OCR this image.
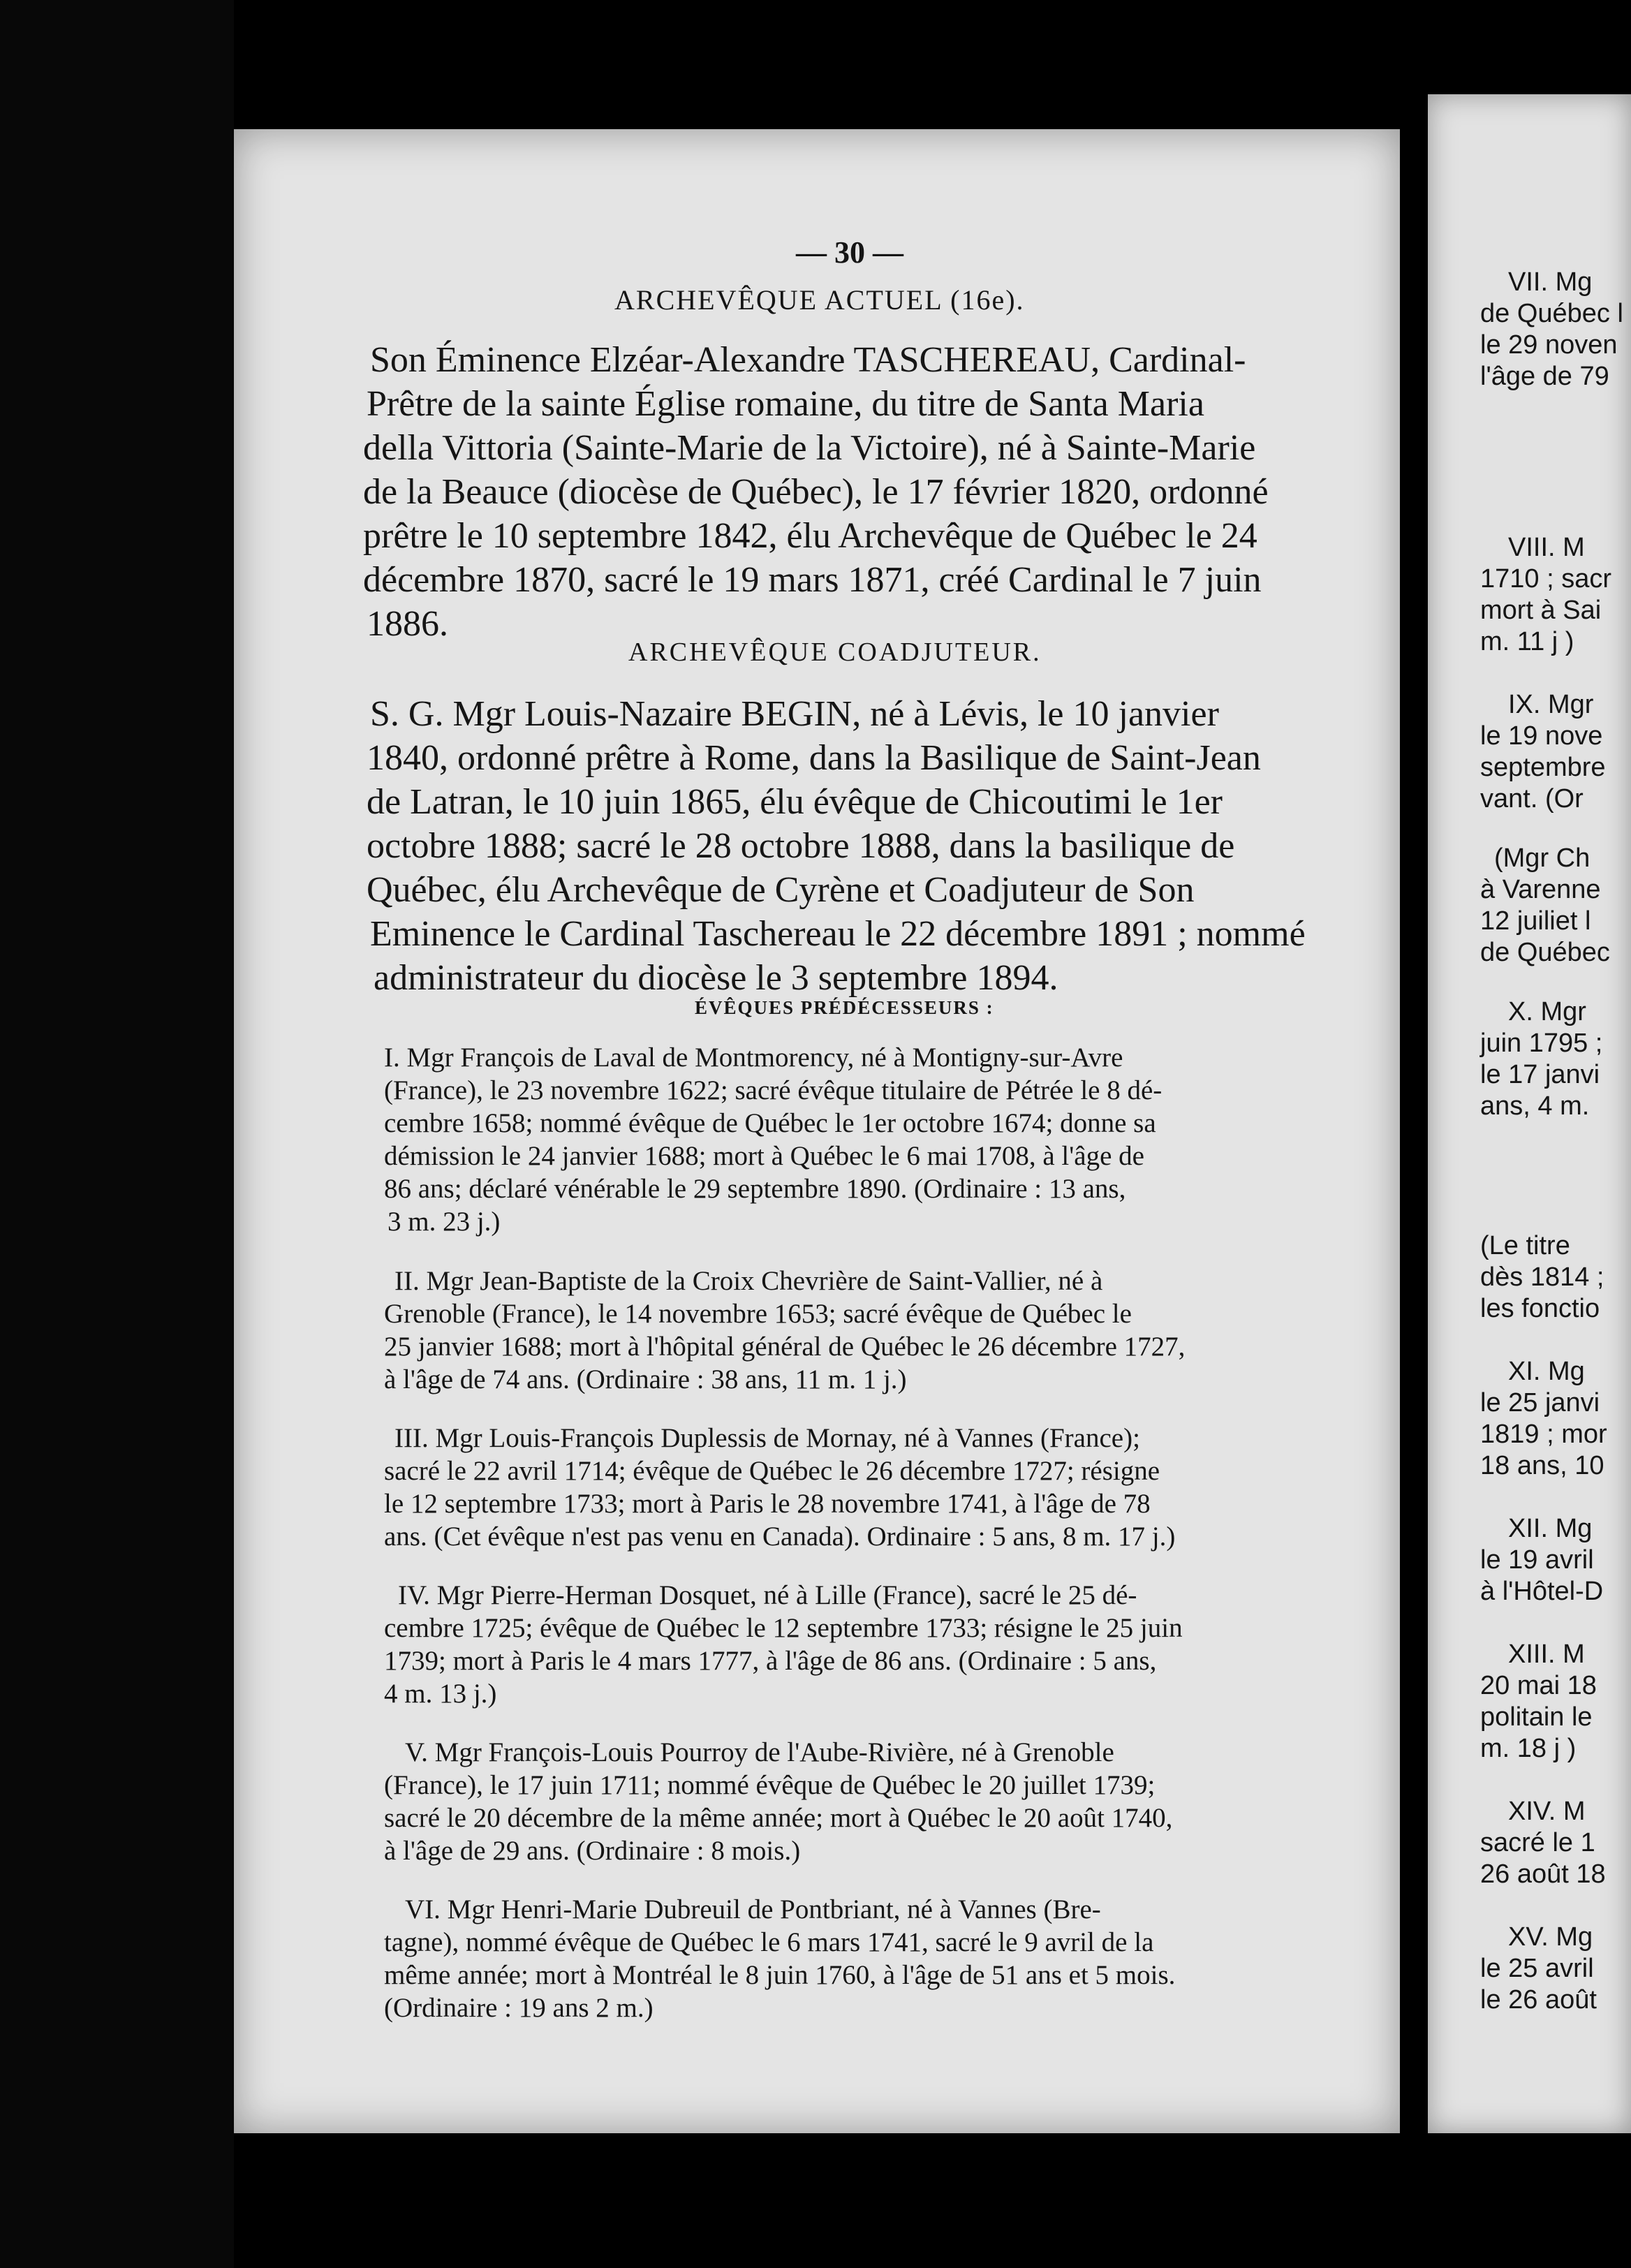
— 30 —
ARCHEVÊQUE ACTUEL (16e).
Son Éminence Elzéar-Alexandre TASCHEREAU, Cardinal-
Prêtre de la sainte Église romaine, du titre de Santa Maria
della Vittoria (Sainte-Marie de la Victoire), né à Sainte-Marie
de la Beauce (diocèse de Québec), le 17 février 1820, ordonné
prêtre le 10 septembre 1842, élu Archevêque de Québec le 24
décembre 1870, sacré le 19 mars 1871, créé Cardinal le 7 juin
1886.
ARCHEVÊQUE COADJUTEUR.
S. G. Mgr Louis-Nazaire BEGIN, né à Lévis, le 10 janvier
1840, ordonné prêtre à Rome, dans la Basilique de Saint-Jean
de Latran, le 10 juin 1865, élu évêque de Chicoutimi le 1er
octobre 1888; sacré le 28 octobre 1888, dans la basilique de
Québec, élu Archevêque de Cyrène et Coadjuteur de Son
Eminence le Cardinal Taschereau le 22 décembre 1891 ; nommé
administrateur du diocèse le 3 septembre 1894.
ÉVÊQUES PRÉDÉCESSEURS :
I. Mgr François de Laval de Montmorency, né à Montigny-sur-Avre
(France), le 23 novembre 1622; sacré évêque titulaire de Pétrée le 8 dé-
cembre 1658; nommé évêque de Québec le 1er octobre 1674; donne sa
démission le 24 janvier 1688; mort à Québec le 6 mai 1708, à l'âge de
86 ans; déclaré vénérable le 29 septembre 1890. (Ordinaire : 13 ans,
3 m. 23 j.)
II. Mgr Jean-Baptiste de la Croix Chevrière de Saint-Vallier, né à
Grenoble (France), le 14 novembre 1653; sacré évêque de Québec le
25 janvier 1688; mort à l'hôpital général de Québec le 26 décembre 1727,
à l'âge de 74 ans. (Ordinaire : 38 ans, 11 m. 1 j.)
III. Mgr Louis-François Duplessis de Mornay, né à Vannes (France);
sacré le 22 avril 1714; évêque de Québec le 26 décembre 1727; résigne
le 12 septembre 1733; mort à Paris le 28 novembre 1741, à l'âge de 78
ans. (Cet évêque n'est pas venu en Canada). Ordinaire : 5 ans, 8 m. 17 j.)
IV. Mgr Pierre-Herman Dosquet, né à Lille (France), sacré le 25 dé-
cembre 1725; évêque de Québec le 12 septembre 1733; résigne le 25 juin
1739; mort à Paris le 4 mars 1777, à l'âge de 86 ans. (Ordinaire : 5 ans,
4 m. 13 j.)
V. Mgr François-Louis Pourroy de l'Aube-Rivière, né à Grenoble
(France), le 17 juin 1711; nommé évêque de Québec le 20 juillet 1739;
sacré le 20 décembre de la même année; mort à Québec le 20 août 1740,
à l'âge de 29 ans. (Ordinaire : 8 mois.)
VI. Mgr Henri-Marie Dubreuil de Pontbriant, né à Vannes (Bre-
tagne), nommé évêque de Québec le 6 mars 1741, sacré le 9 avril de la
même année; mort à Montréal le 8 juin 1760, à l'âge de 51 ans et 5 mois.
(Ordinaire : 19 ans 2 m.)
VII. Mg
de Québec l
le 29 noven
l'âge de 79
VIII. M
1710 ; sacr
mort à Sai
m. 11 j )
IX. Mgr
le 19 nove
septembre
vant. (Or
(Mgr Ch
à Varenne
12 juiliet l
de Québec
X. Mgr
juin 1795 ;
le 17 janvi
ans, 4 m.
(Le titre
dès 1814 ;
les fonctio
XI. Mg
le 25 janvi
1819 ; mor
18 ans, 10
XII. Mg
le 19 avril
à l'Hôtel-D
XIII. M
20 mai 18
politain le
m. 18 j )
XIV. M
sacré le 1
26 août 18
XV. Mg
le 25 avril
le 26 août
